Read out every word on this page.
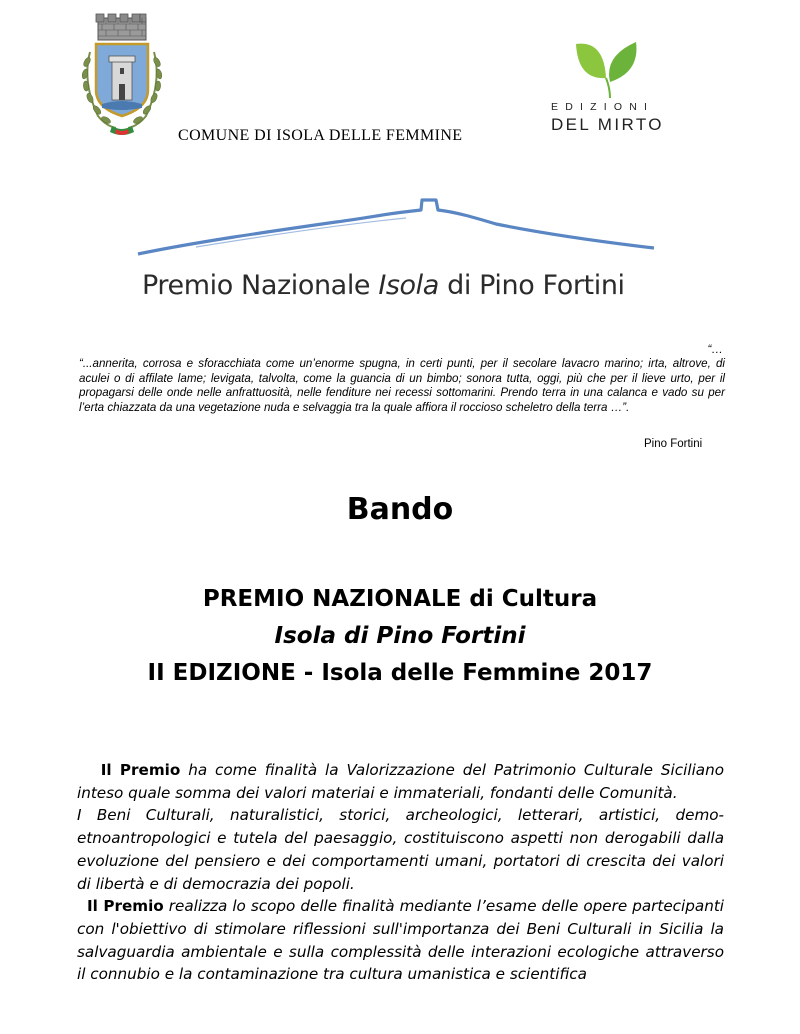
COMUNE DI ISOLA DELLE FEMMINE
EDIZIONI
DEL MIRTO
Premio Nazionale Isola di Pino Fortini
“…
“...annerita, corrosa e sforacchiata come un’enorme spugna, in certi punti, per il secolare lavacro marino; irta, altrove, di aculei o di affilate lame; levigata, talvolta, come la guancia di un bimbo; sonora tutta, oggi, più che per il lieve urto, per il propagarsi delle onde nelle anfrattuosità, nelle fenditure nei recessi sottomarini. Prendo terra in una calanca e vado su per l’erta chiazzata da una vegetazione nuda e selvaggia tra la quale affiora il roccioso scheletro della terra …”.
Pino Fortini
Bando
PREMIO NAZIONALE di Cultura
Isola di Pino Fortini
II EDIZIONE - Isola delle Femmine 2017

Il Premio ha come finalità la Valorizzazione del Patrimonio Culturale Siciliano inteso quale somma dei valori materiai e immateriali, fondanti delle Comunità.

I Beni Culturali, naturalistici, storici, archeologici, letterari, artistici, demo-etnoantropologici e tutela del paesaggio, costituiscono aspetti non derogabili dalla evoluzione del pensiero e dei comportamenti umani, portatori di crescita dei valori di libertà e di democrazia dei popoli.

Il Premio realizza lo scopo delle finalità mediante l’esame delle opere partecipanti con l'obiettivo di stimolare riflessioni sull'importanza dei Beni Culturali in Sicilia la salvaguardia ambientale e sulla complessità delle interazioni ecologiche attraverso il connubio e la contaminazione tra cultura umanistica e scientifica
